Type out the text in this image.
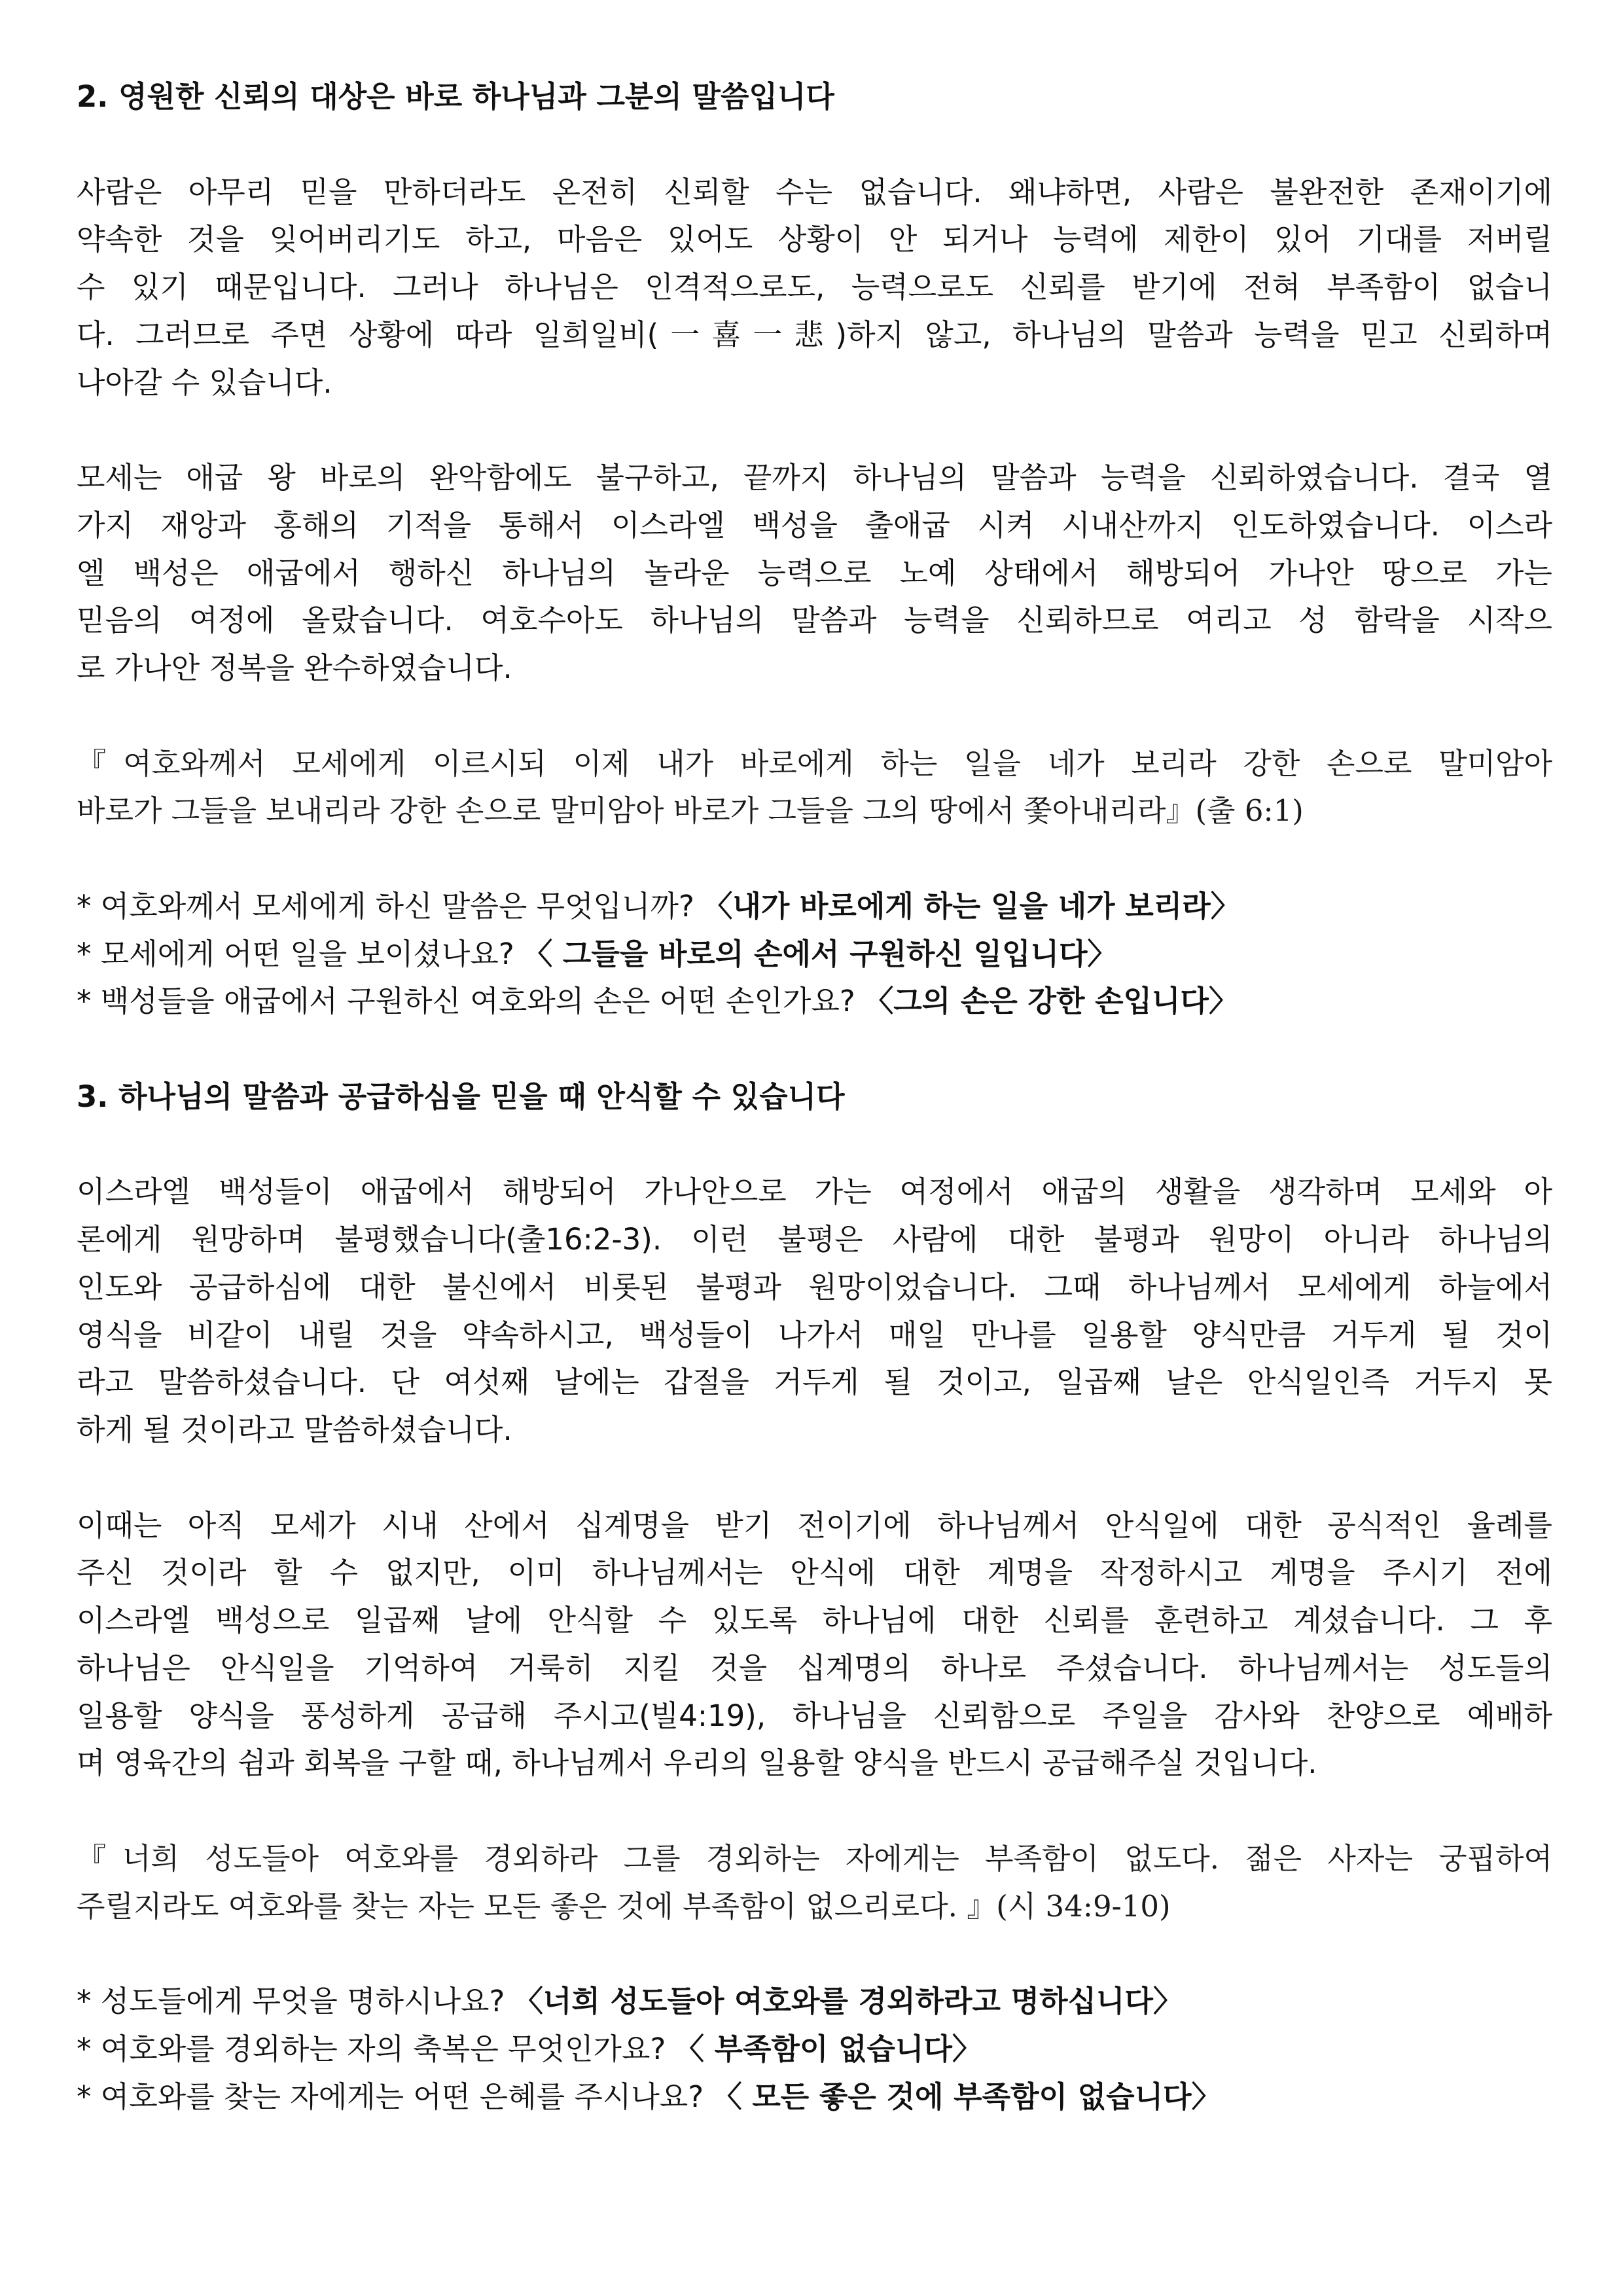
2. 영원한 신뢰의 대상은 바로 하나님과 그분의 말씀입니다
사람은 아무리 믿을 만하더라도 온전히 신뢰할 수는 없습니다. 왜냐하면, 사람은 불완전한 존재이기에
약속한 것을 잊어버리기도 하고, 마음은 있어도 상황이 안 되거나 능력에 제한이 있어 기대를 저버릴
수 있기 때문입니다. 그러나 하나님은 인격적으로도, 능력으로도 신뢰를 받기에 전혀 부족함이 없습니
다. 그러므로 주면 상황에 따라 일희일비(一喜一悲)하지 않고, 하나님의 말씀과 능력을 믿고 신뢰하며
나아갈 수 있습니다.
모세는 애굽 왕 바로의 완악함에도 불구하고, 끝까지 하나님의 말씀과 능력을 신뢰하였습니다. 결국 열
가지 재앙과 홍해의 기적을 통해서 이스라엘 백성을 출애굽 시켜 시내산까지 인도하였습니다. 이스라
엘 백성은 애굽에서 행하신 하나님의 놀라운 능력으로 노예 상태에서 해방되어 가나안 땅으로 가는
믿음의 여정에 올랐습니다. 여호수아도 하나님의 말씀과 능력을 신뢰하므로 여리고 성 함락을 시작으
로 가나안 정복을 완수하였습니다.
『여호와께서 모세에게 이르시되 이제 내가 바로에게 하는 일을 네가 보리라 강한 손으로 말미암아
바로가 그들을 보내리라 강한 손으로 말미암아 바로가 그들을 그의 땅에서 쫓아내리라』(출 6:1)
* 여호와께서 모세에게 하신 말씀은 무엇입니까? 〈내가 바로에게 하는 일을 네가 보리라〉
* 모세에게 어떤 일을 보이셨나요? 〈 그들을 바로의 손에서 구원하신 일입니다〉
* 백성들을 애굽에서 구원하신 여호와의 손은 어떤 손인가요? 〈그의 손은 강한 손입니다〉
3. 하나님의 말씀과 공급하심을 믿을 때 안식할 수 있습니다
이스라엘 백성들이 애굽에서 해방되어 가나안으로 가는 여정에서 애굽의 생활을 생각하며 모세와 아
론에게 원망하며 불평했습니다(출16:2-3). 이런 불평은 사람에 대한 불평과 원망이 아니라 하나님의
인도와 공급하심에 대한 불신에서 비롯된 불평과 원망이었습니다. 그때 하나님께서 모세에게 하늘에서
영식을 비같이 내릴 것을 약속하시고, 백성들이 나가서 매일 만나를 일용할 양식만큼 거두게 될 것이
라고 말씀하셨습니다. 단 여섯째 날에는 갑절을 거두게 될 것이고, 일곱째 날은 안식일인즉 거두지 못
하게 될 것이라고 말씀하셨습니다.
이때는 아직 모세가 시내 산에서 십계명을 받기 전이기에 하나님께서 안식일에 대한 공식적인 율례를
주신 것이라 할 수 없지만, 이미 하나님께서는 안식에 대한 계명을 작정하시고 계명을 주시기 전에
이스라엘 백성으로 일곱째 날에 안식할 수 있도록 하나님에 대한 신뢰를 훈련하고 계셨습니다. 그 후
하나님은 안식일을 기억하여 거룩히 지킬 것을 십계명의 하나로 주셨습니다. 하나님께서는 성도들의
일용할 양식을 풍성하게 공급해 주시고(빌4:19), 하나님을 신뢰함으로 주일을 감사와 찬양으로 예배하
며 영육간의 쉼과 회복을 구할 때, 하나님께서 우리의 일용할 양식을 반드시 공급해주실 것입니다.
『너희 성도들아 여호와를 경외하라 그를 경외하는 자에게는 부족함이 없도다. 젊은 사자는 궁핍하여
주릴지라도 여호와를 찾는 자는 모든 좋은 것에 부족함이 없으리로다. 』(시 34:9-10)
* 성도들에게 무엇을 명하시나요? 〈너희 성도들아 여호와를 경외하라고 명하십니다〉
* 여호와를 경외하는 자의 축복은 무엇인가요? 〈 부족함이 없습니다〉
* 여호와를 찾는 자에게는 어떤 은혜를 주시나요? 〈 모든 좋은 것에 부족함이 없습니다〉
